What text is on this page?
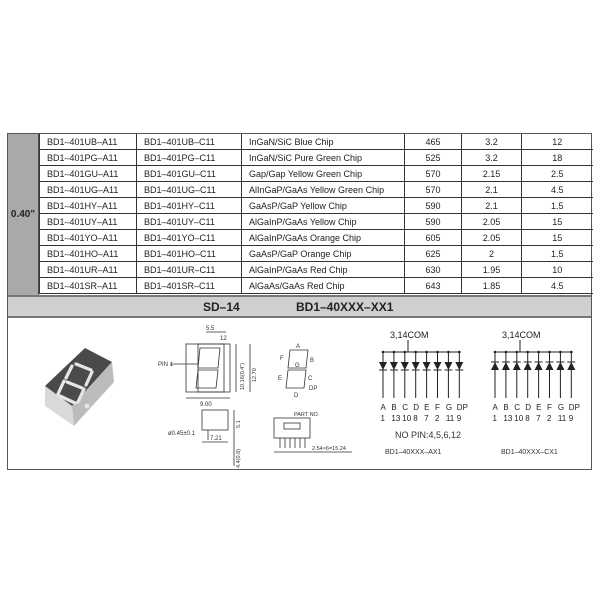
0.40"
BD1–401UB–A11	BD1–401UB–C11	InGaN/SiC Blue Chip	465	3.2	12
BD1–401PG–A11	BD1–401PG–C11	InGaN/SiC Pure Green Chip	525	3.2	18
BD1–401GU–A11	BD1–401GU–C11	Gap/Gap Yellow Green Chip	570	2.15	2.5
BD1–401UG–A11	BD1–401UG–C11	AlInGaP/GaAs Yellow Green Chip	570	2.1	4.5
BD1–401HY–A11	BD1–401HY–C11	GaAsP/GaP Yellow Chip	590	2.1	1.5
BD1–401UY–A11	BD1–401UY–C11	AlGaInP/GaAs Yellow Chip	590	2.05	15
BD1–401YO–A11	BD1–401YO–C11	AlGaInP/GaAs Orange Chip	605	2.05	15
BD1–401HO–A11	BD1–401HO–C11	GaAsP/GaP Orange Chip	625	2	1.5
BD1–401UR–A11	BD1–401UR–C11	AlGaInP/GaAs Red Chip	630	1.95	10
BD1–401SR–A11	BD1–401SR–C11	AlGaAs/GaAs Red Chip	643	1.85	4.5
SD–14	BD1–40XXX–XX1
5.5
12
PIN 1
9.00
10.16(0.4") 12.70
A
B
C
D
E
F
G
DP
ø0.45±0.1
7.21
5.1
4.4(0.8)
PART NO.
2.54×6=15.24
A
1
B
13
C
10
D
8
E
7
F
2
G
11
DP
9
3,14COM
A
1
B
13
C
10
D
8
E
7
F
2
G
11
DP
9
3,14COM
NO PIN:4,5,6,12
BD1–40XXX–AX1	BD1–40XXX–CX1
